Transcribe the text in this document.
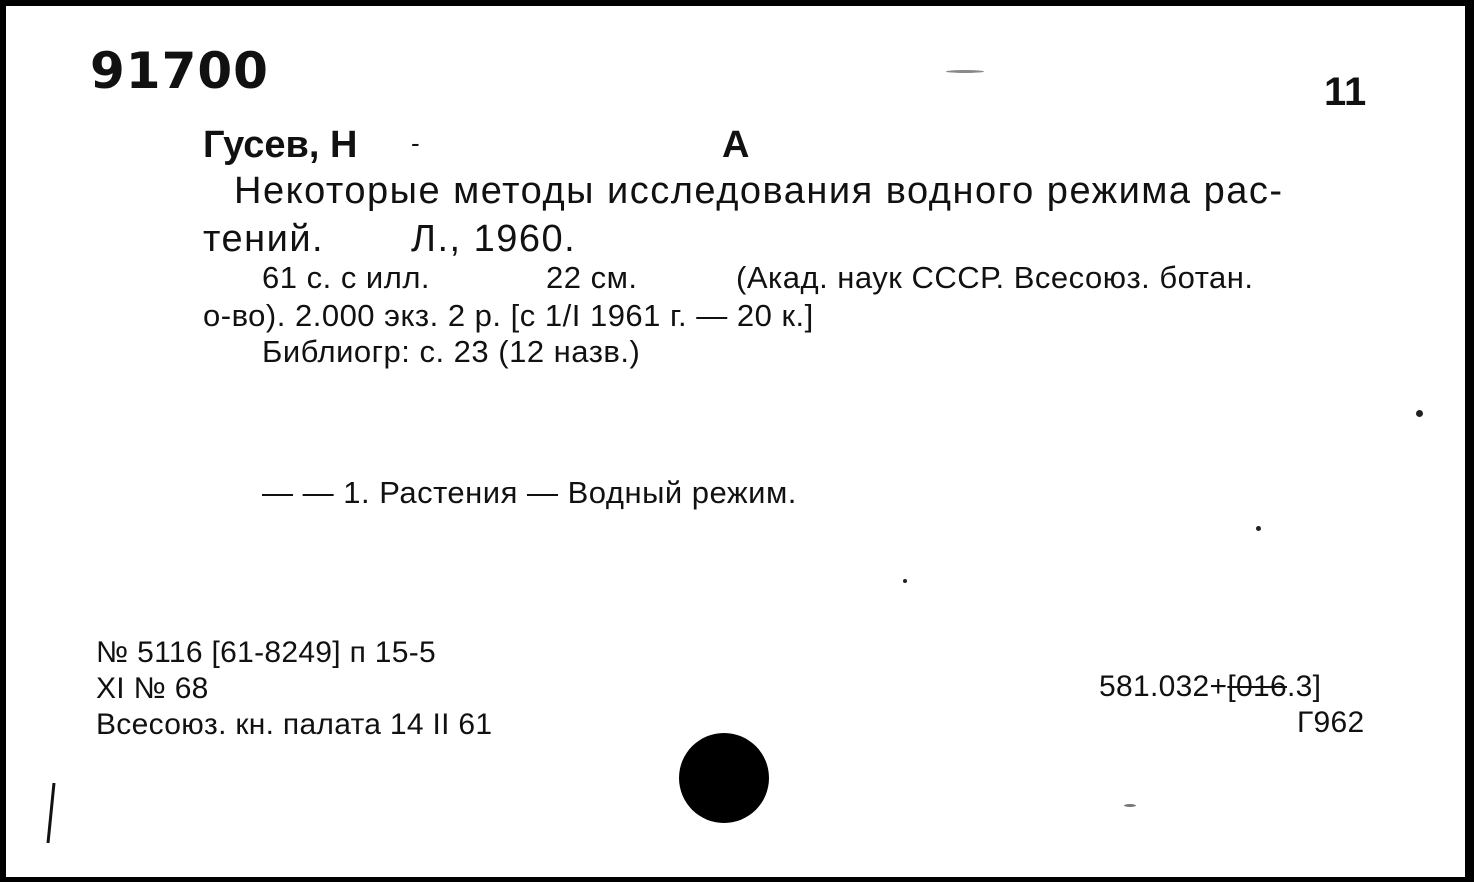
91700	11
Гусев, Н -	А
Некоторые методы исследования водного режима рас-
тений. Л., 1960.
61 с. с илл.	22 см.	(Акад. наук СССР. Всесоюз. ботан.
о-во). 2.000 экз. 2 р. [с 1/I 1961 г. — 20 к.]
Библиогр: с. 23 (12 назв.)
— — 1. Растения — Водный режим.
№ 5116 [61-8249] п 15-5
XI № 68
Всесоюз. кн. палата 14 II 61
581.032+[016.3]
Г962
